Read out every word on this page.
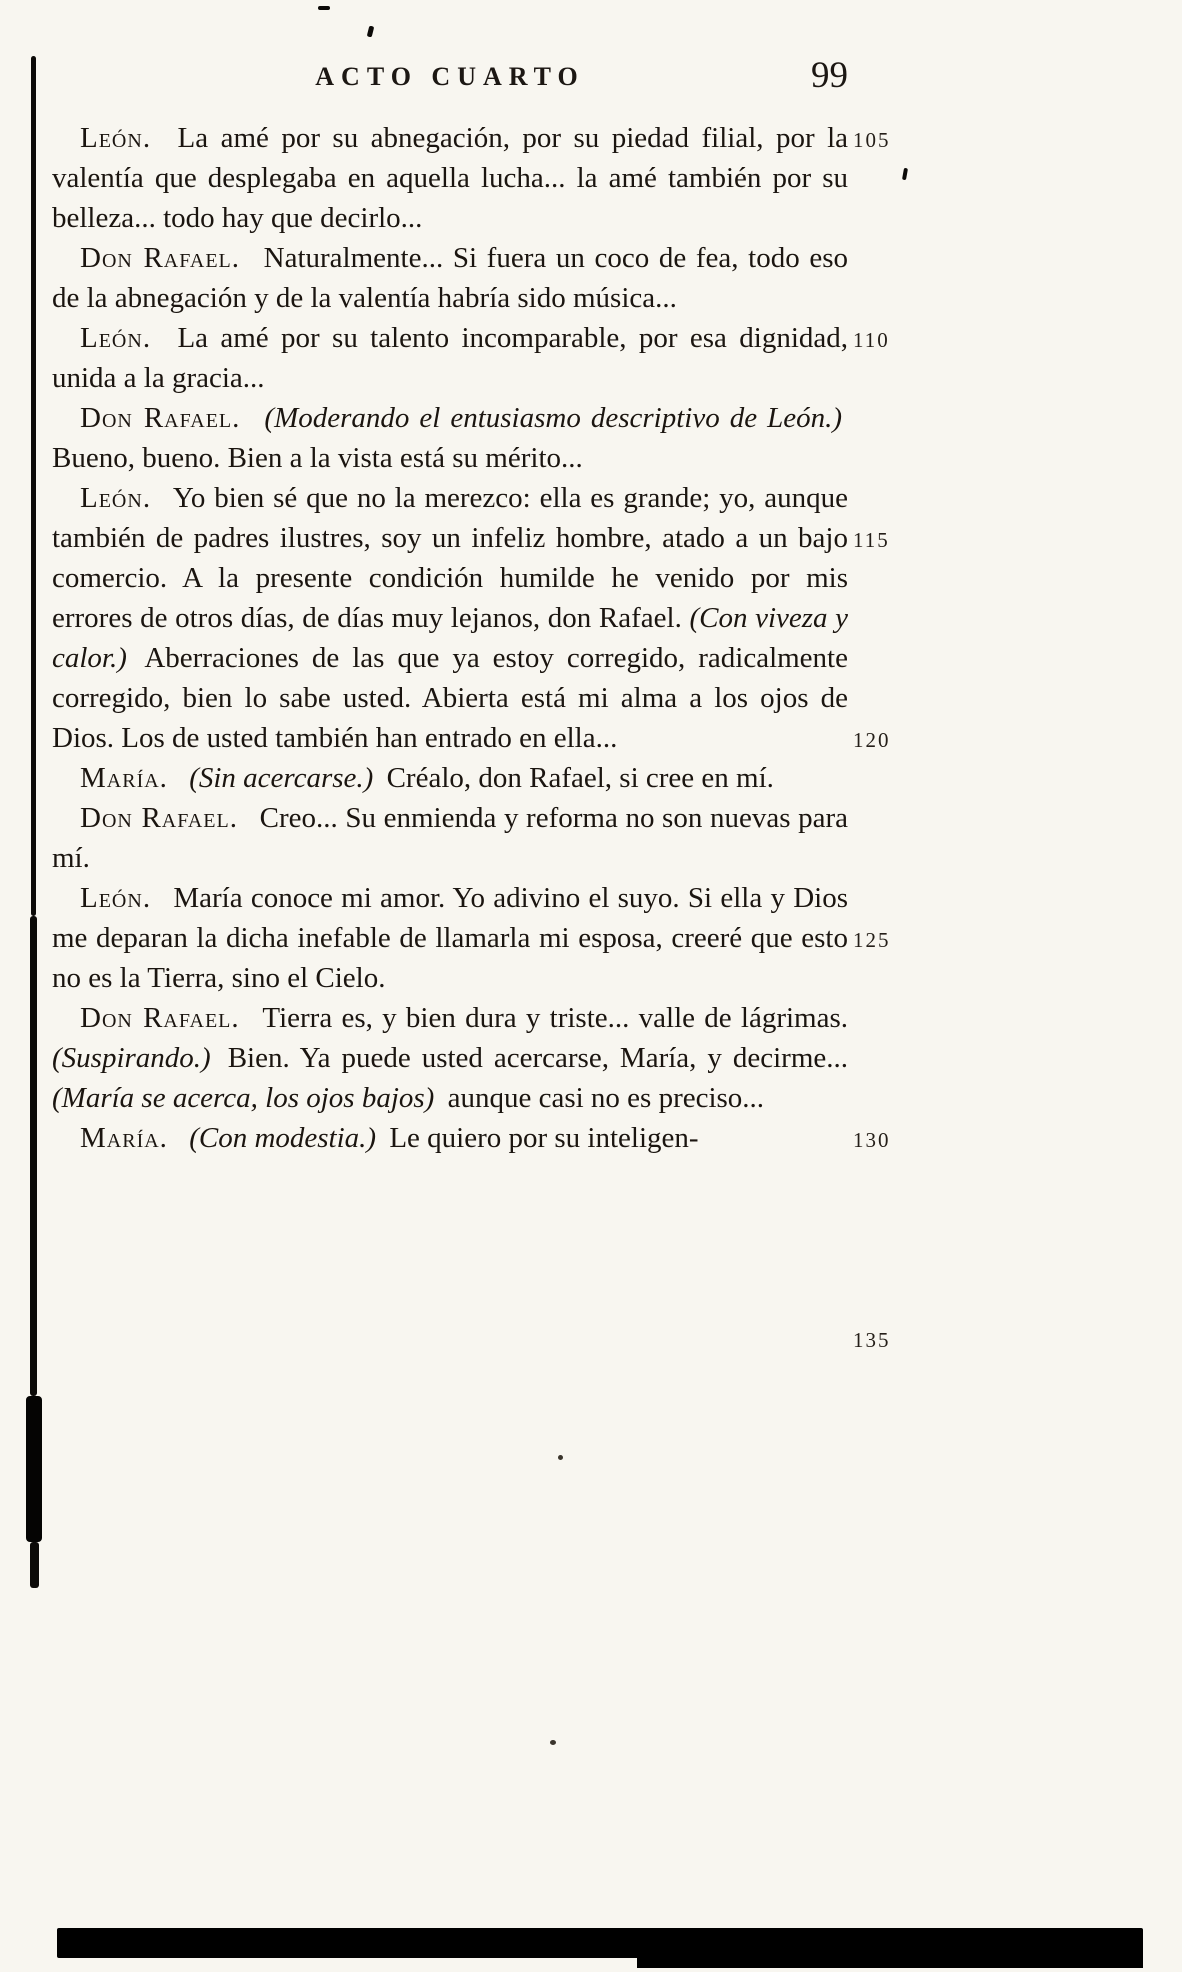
ACTO CUARTO	99

León. La amé por su abnegación, por su piedad filial, por la valentía que desplegaba en aquella lucha... la amé también por su belleza... todo hay que decirlo...

Don Rafael. Naturalmente... Si fuera un coco de fea, todo eso de la abnegación y de la valentía habría sido música...

León. La amé por su talento incomparable, por esa dignidad, unida a la gracia...

Don Rafael. (Moderando el entusiasmo descriptivo de León.) Bueno, bueno. Bien a la vista está su mérito...

León. Yo bien sé que no la merezco: ella es grande; yo, aunque también de padres ilustres, soy un infeliz hombre, atado a un bajo comercio. A la presente condición humilde he venido por mis errores de otros días, de días muy lejanos, don Rafael. (Con viveza y calor.) Aberraciones de las que ya estoy corregido, radicalmente corregido, bien lo sabe usted. Abierta está mi alma a los ojos de Dios. Los de usted también han entrado en ella...

María. (Sin acercarse.) Créalo, don Rafael, si cree en mí.

Don Rafael. Creo... Su enmienda y reforma no son nuevas para mí.

León. María conoce mi amor. Yo adivino el suyo. Si ella y Dios me deparan la dicha inefable de llamarla mi esposa, creeré que esto no es la Tierra, sino el Cielo.

Don Rafael. Tierra es, y bien dura y triste... valle de lágrimas. (Suspirando.) Bien. Ya puede usted acercarse, María, y decirme... (María se acerca, los ojos bajos) aunque casi no es preciso...

María. (Con modestia.) Le quiero por su inteligen-

105
110
115
120
125
130
135
